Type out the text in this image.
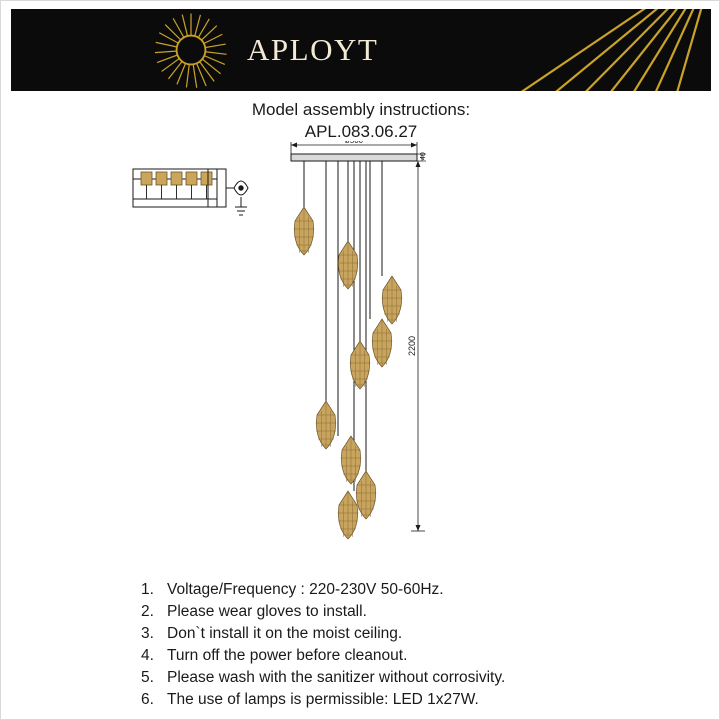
APLOYT
Model assembly instructions:
APL.083.06.27
40
2200
1. Voltage/Frequency : 220-230V 50-60Hz.
2. Please wear gloves to install.
3. Don`t install it on the moist ceiling.
4. Turn off the power before cleanout.
5. Please wash with the sanitizer without corrosivity.
6. The use of lamps is permissible: LED 1x27W.
